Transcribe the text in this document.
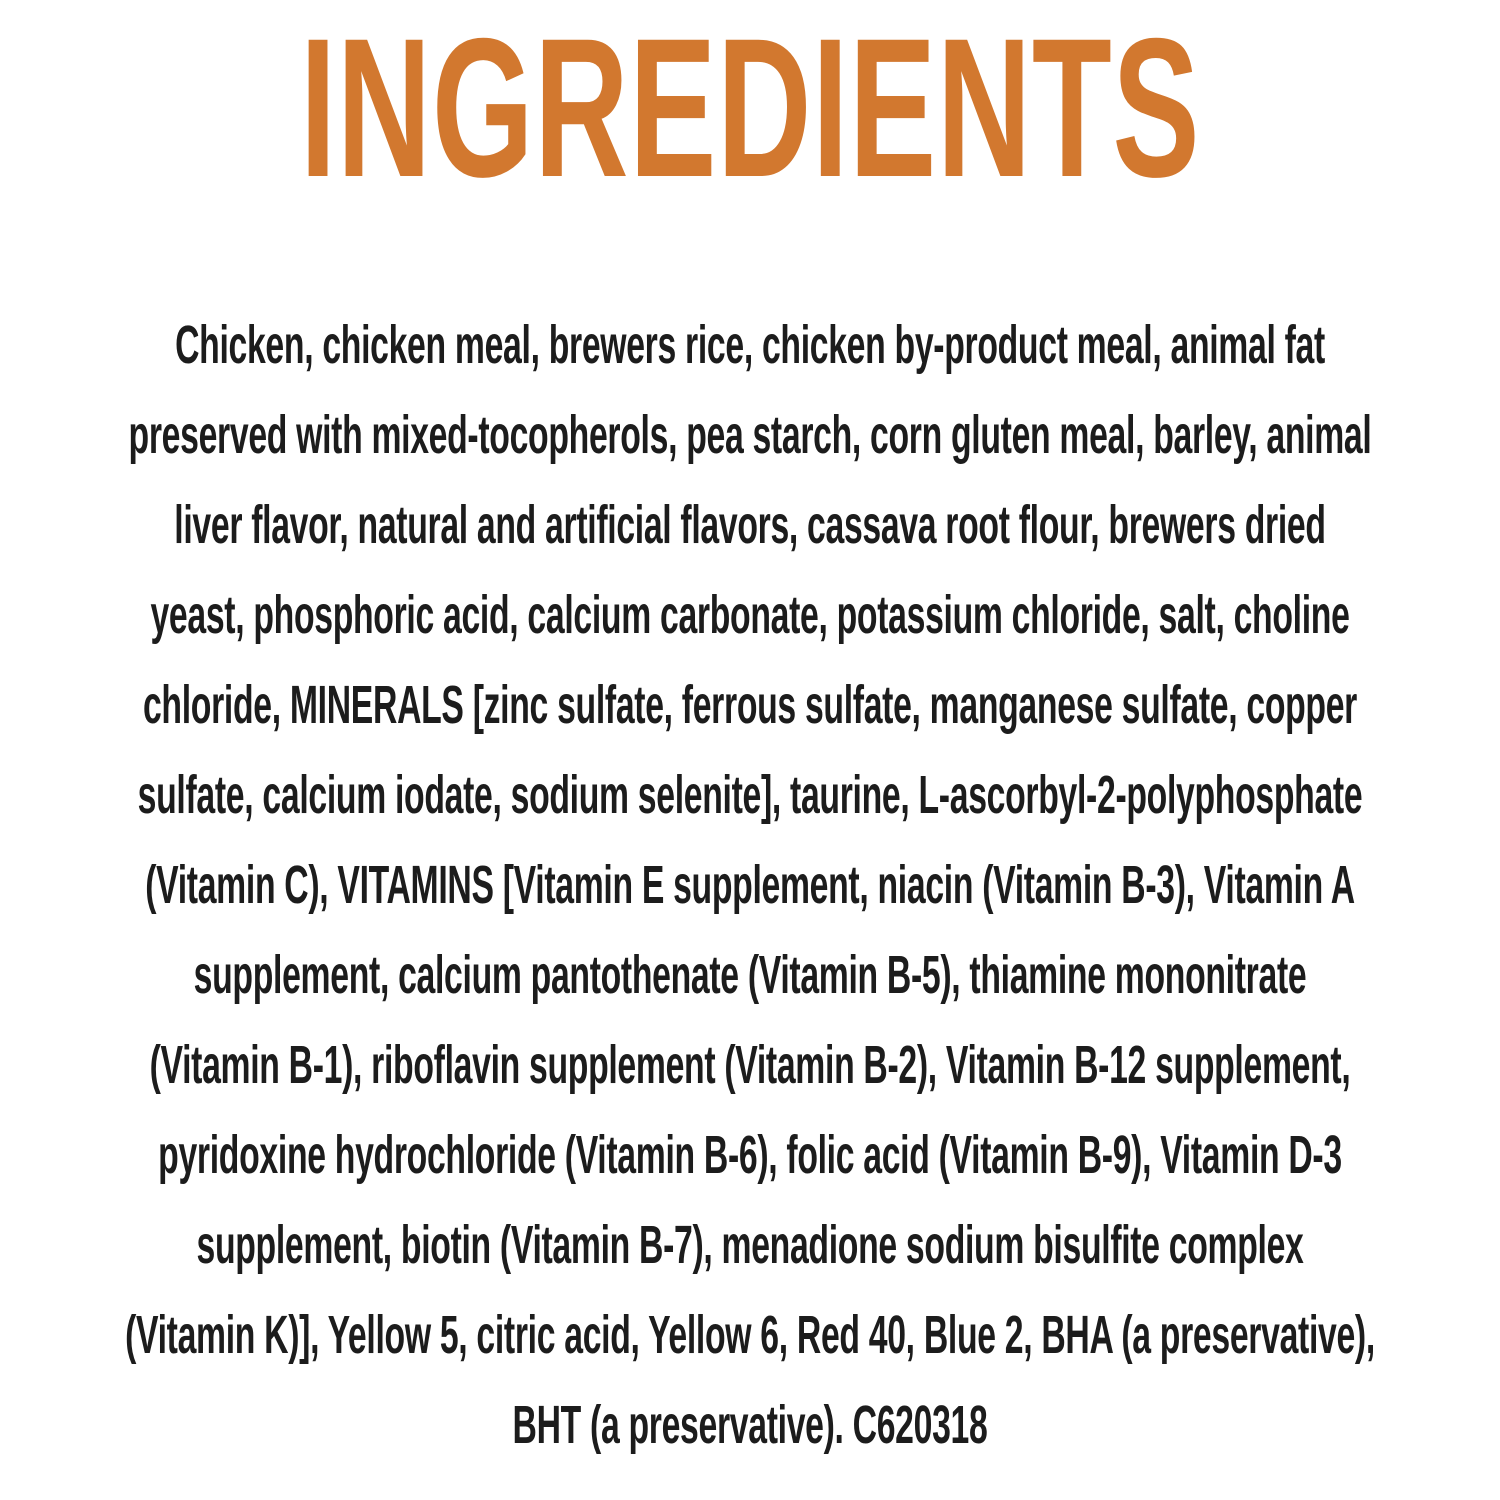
INGREDIENTS
Chicken, chicken meal, brewers rice, chicken by-product meal, animal fat
preserved with mixed-tocopherols, pea starch, corn gluten meal, barley, animal
liver flavor, natural and artificial flavors, cassava root flour, brewers dried
yeast, phosphoric acid, calcium carbonate, potassium chloride, salt, choline
chloride, MINERALS [zinc sulfate, ferrous sulfate, manganese sulfate, copper
sulfate, calcium iodate, sodium selenite], taurine, L-ascorbyl-2-polyphosphate
(Vitamin C), VITAMINS [Vitamin E supplement, niacin (Vitamin B-3), Vitamin A
supplement, calcium pantothenate (Vitamin B-5), thiamine mononitrate
(Vitamin B-1), riboflavin supplement (Vitamin B-2), Vitamin B-12 supplement,
pyridoxine hydrochloride (Vitamin B-6), folic acid (Vitamin B-9), Vitamin D-3
supplement, biotin (Vitamin B-7), menadione sodium bisulfite complex
(Vitamin K)], Yellow 5, citric acid, Yellow 6, Red 40, Blue 2, BHA (a preservative),
BHT (a preservative). C620318
